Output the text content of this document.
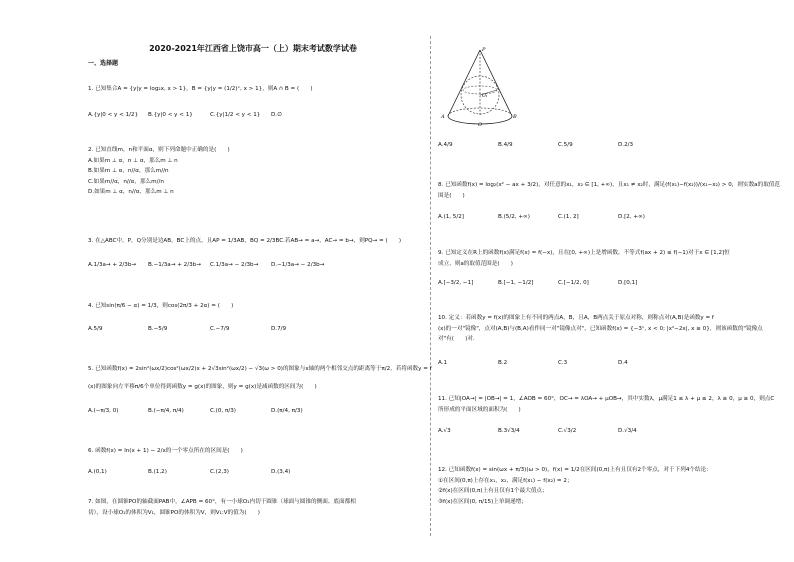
2020-2021年江西省上饶市高一（上）期末考试数学试卷
一、选择题
1. 已知集合A = {y|y = log₂x, x > 1}，B = {y|y = (1/2)ˣ, x > 1}，则A ∩ B = (　　)
A.{y|0 < y < 1/2} B.{y|0 < y < 1}	C.{y|1/2 < y < 1} D.∅
2. 已知直线m，n和平面α，则下列命题中正确的是(　　)
A.如果m ⊥ α，n ⊥ α，那么m ⊥ n
B.如果m ⊥ α，n//α，那么m//n
C.如果m//α，n//α，那么m//n
D.如果m ⊥ α，n//α，那么m ⊥ n
3. 在△ABC中，P，Q分别是边AB，BC上的点，且AP = 1/3AB，BQ = 2/3BC.若AB→ = a→，AC→ = b→，则PQ→ = (　　)
A.1/3a→ + 2/3b→ B.−1/3a→ + 2/3b→ C.1/3a→ − 2/3b→ D.−1/3a→ − 2/3b→
4. 已知sin(π/6 − α) = 1/3，则cos(2π/3 + 2α) = (　　)
A.5/9	B.−5/9	C.−7/9	D.7/9
5. 已知函数f(x) = 2sin²(ωx/2)cos²(ωx/2)x + 2√3sin²(ωx/2) − √3(ω > 0)的图象与x轴的两个相邻交点的距离等于π/2，若将函数y = f
(x)的图象向左平移π/6个单位得到函数y = g(x)的图象，则y = g(x)是减函数的区间为(　　)
A.(−π/3, 0)	B.(−π/4, π/4)	C.(0, π/3)	D.(π/4, π/3)
6. 函数f(x) = ln(x + 1) − 2/x的一个零点所在的区间是(　　)
A.(0,1)	B.(1,2)	C.(2,3)	D.(3,4)
7. 如图，在圆锥PO的轴截面PAB中，∠APB = 60°，有一小球O₁内切于圆锥（球面与圆锥的侧面、底面都相
切），设小球O₁的体积为V₁，圆锥PO的体积为V，则V₁:V的值为(　　)
P
O₁
A
O
B
A.4/9	B.4/9	C.5/9	D.2/3
8. 已知函数f(x) = log₂(x² − ax + 3/2)，对任意的x₁，x₂ ∈ [1, +∞)，且x₁ ≠ x₂时，满足(f(x₁)−f(x₂))/(x₁−x₂) > 0，则实数a的取值范
围是(　　)
A.(1, 5/2]	B.(5/2, +∞)	C.(1, 2]	D.[2, +∞)
9. 已知定义在R上的函数f(x)满足f(x) = f(−x)，且在[0, +∞)上是增函数，不等式f(ax + 2) ≤ f(−1)对于x ∈ [1,2]恒
成立，则a的取值范围是(　　)
A.[−3/2, −1]	B.[−1, −1/2]	C.[−1/2, 0]	D.[0,1]
10. 定义：若函数y = f(x)的图象上有不同的两点A，B，且A，B两点关于原点对称，则称点对(A,B)是函数y = f
(x)的一对"镜像"，点对(A,B)与(B,A)看作同一对"镜像点对"，已知函数f(x) = {−3ˣ, x < 0; |x²−2x|, x ≥ 0}，则该函数的"镜像点
对"有(　　)对.
A.1	B.2	C.3	D.4
11. 已知|OA→| = |OB→| = 1，∠AOB = 60°，OC→ = λOA→ + μOB→，其中实数λ，μ满足1 ≤ λ + μ ≤ 2，λ ≥ 0，μ ≥ 0，则点C
所形成的平面区域的面积为(　　)
A.√3	B.3√3/4	C.√3/2	D.√3/4
12. 已知函数f(x) = sin(ωx + π/3)(ω > 0)，f(x) = 1/2在区间(0,π)上有且仅有2个零点，对于下列4个结论：
①在区间(0,π)上存在x₁，x₂，满足f(x₁) − f(x₂) = 2；
②f(x)在区间(0,π)上有且仅有1个最大值点；
③f(x)在区间(0, π/15)上单调递增；
